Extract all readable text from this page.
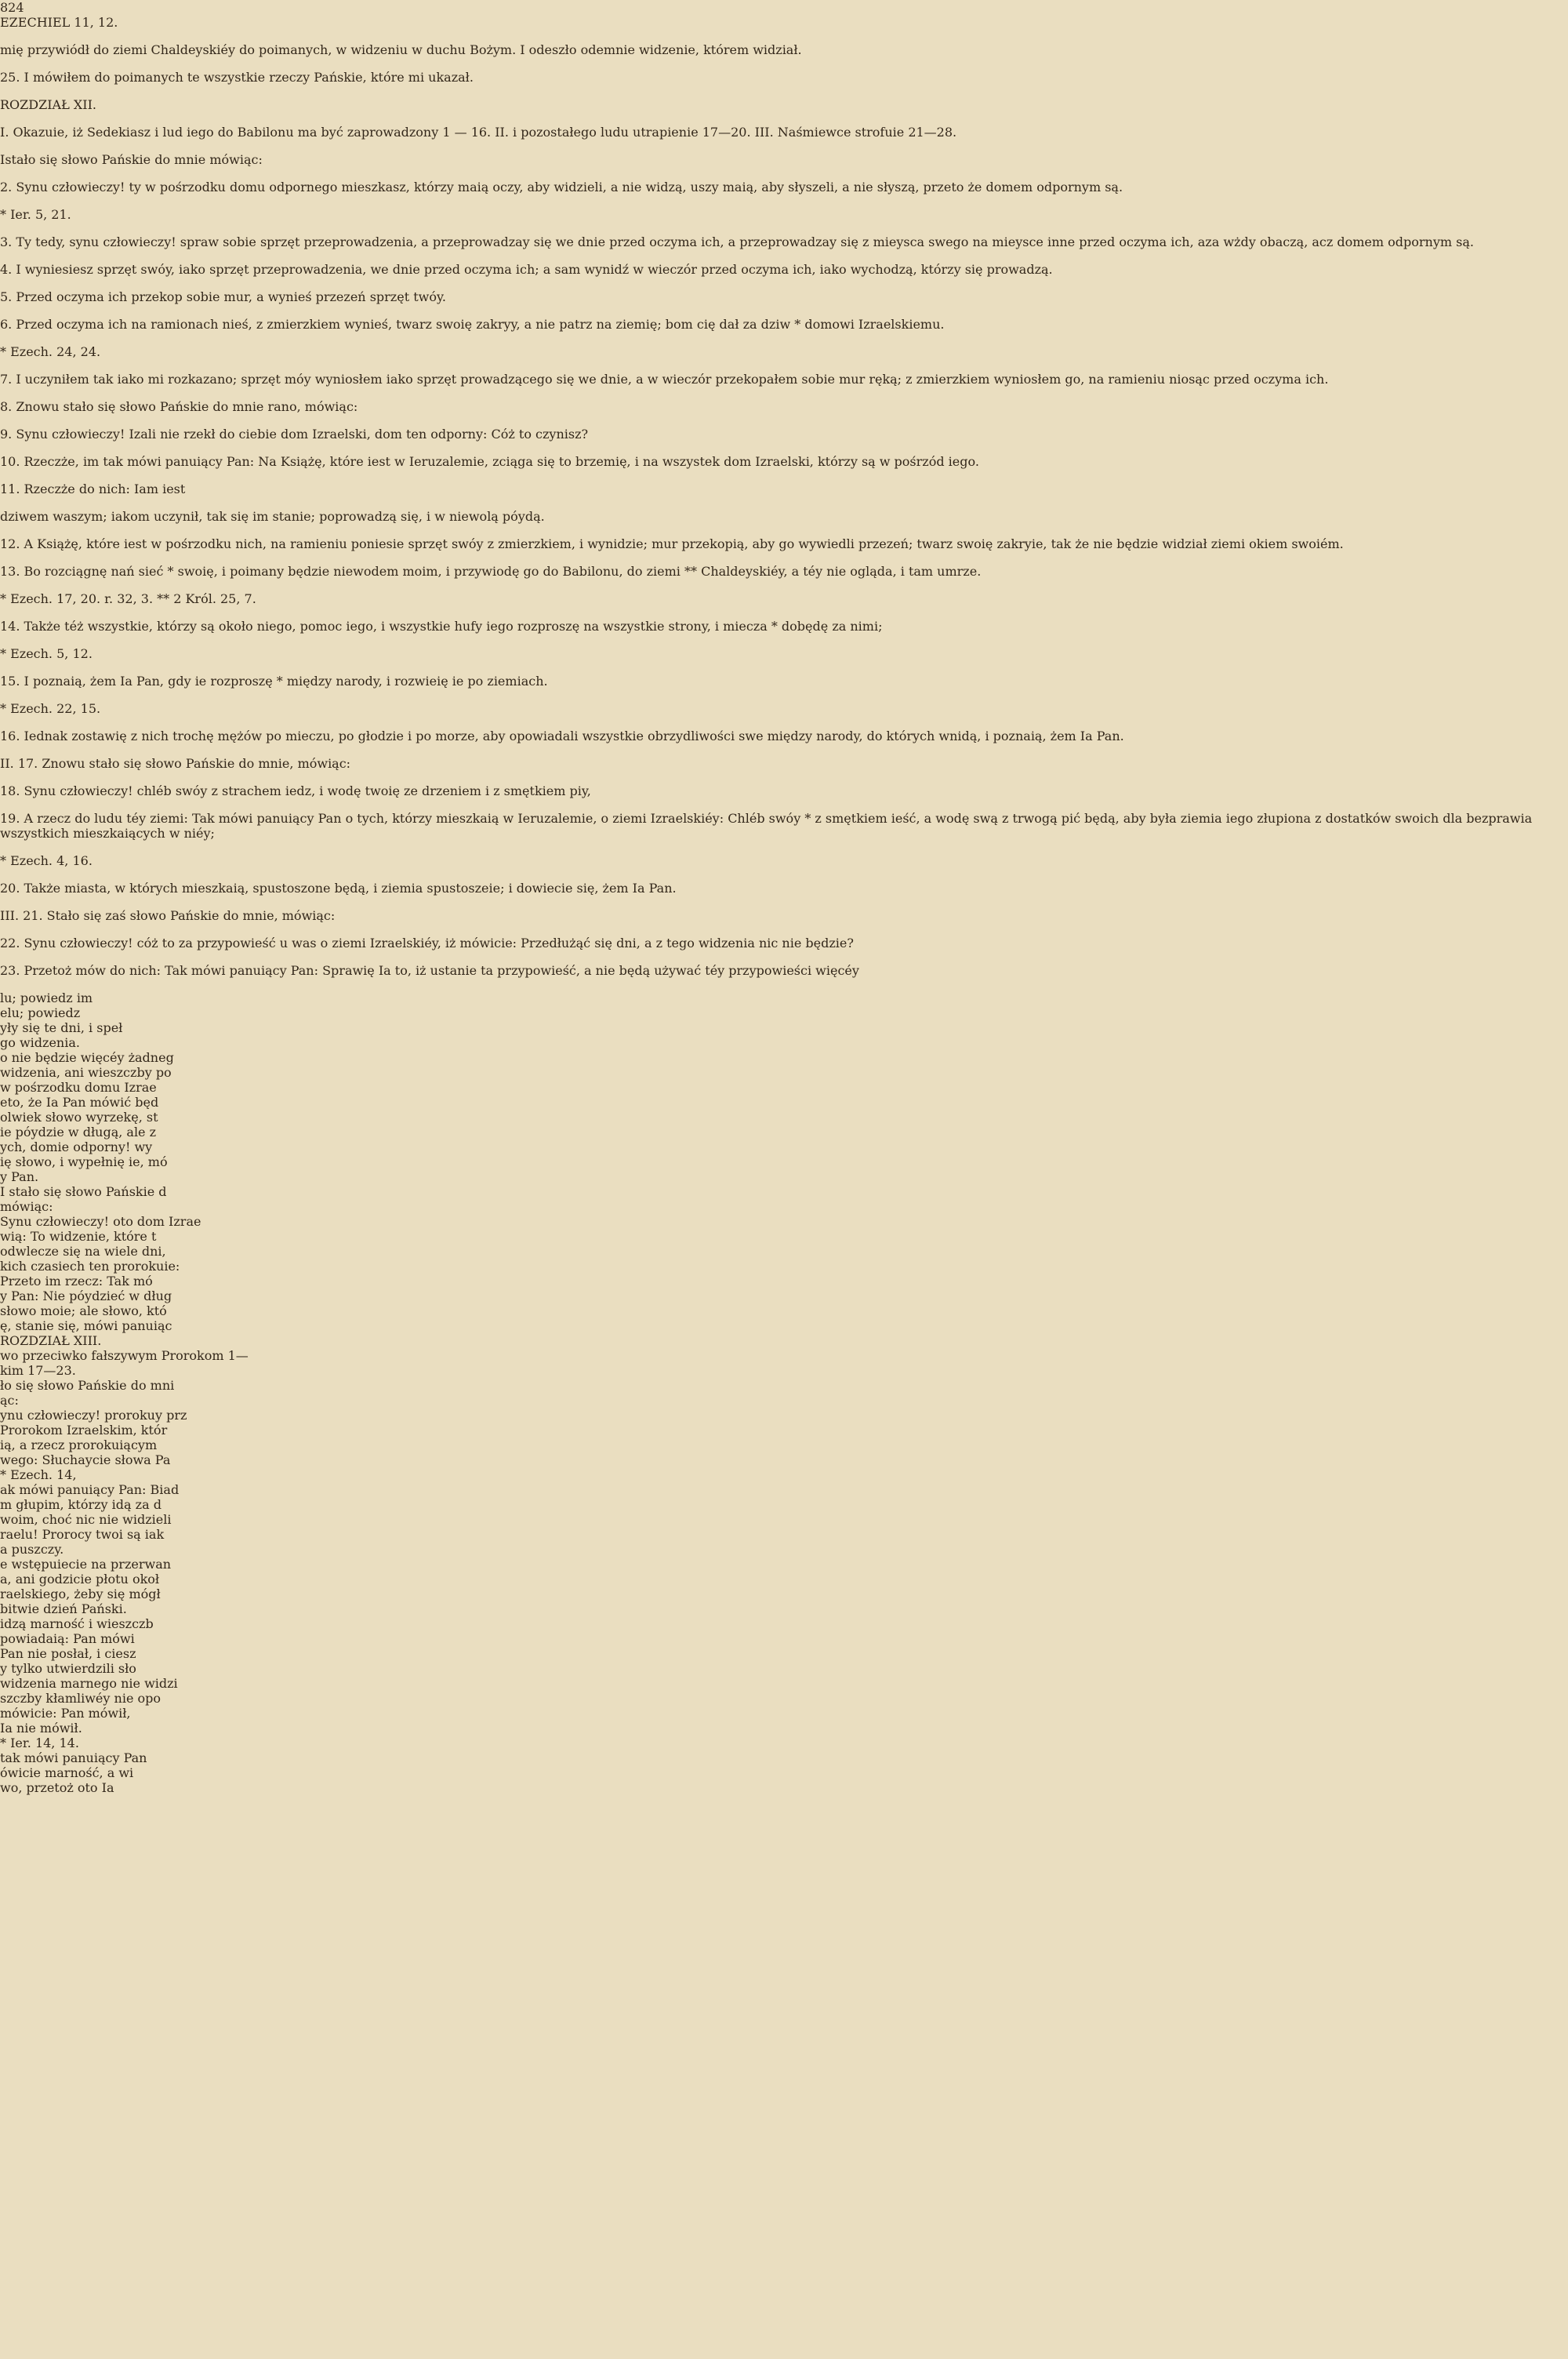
824
EZECHIEL 11, 12.

mię przywiódł do ziemi Chaldeyskiéy do poimanych, w widzeniu w duchu Bożym. I odeszło odemnie widzenie, którem widział.

25. I mówiłem do poimanych te wszystkie rzeczy Pańskie, które mi ukazał.

ROZDZIAŁ XII.

I. Okazuie, iż Sedekiasz i lud iego do Babilonu ma być zaprowadzony 1 — 16. II. i pozostałego ludu utrapienie 17—20. III. Naśmiewce strofuie 21—28.

Istało się słowo Pańskie do mnie mówiąc:

2. Synu człowieczy! ty w pośrzodku domu odpornego mieszkasz, którzy maią oczy, aby widzieli, a nie widzą, uszy maią, aby słyszeli, a nie słyszą, przeto że domem odpornym są.

* Ier. 5, 21.

3. Ty tedy, synu człowieczy! spraw sobie sprzęt przeprowadzenia, a przeprowadzay się we dnie przed oczyma ich, a przeprowadzay się z mieysca swego na mieysce inne przed oczyma ich, aza wżdy obaczą, acz domem odpornym są.

4. I wyniesiesz sprzęt swóy, iako sprzęt przeprowadzenia, we dnie przed oczyma ich; a sam wynidź w wieczór przed oczyma ich, iako wychodzą, którzy się prowadzą.

5. Przed oczyma ich przekop sobie mur, a wynieś przezeń sprzęt twóy.

6. Przed oczyma ich na ramionach nieś, z zmierzkiem wynieś, twarz swoię zakryy, a nie patrz na ziemię; bom cię dał za dziw * domowi Izraelskiemu.

* Ezech. 24, 24.

7. I uczyniłem tak iako mi rozkazano; sprzęt móy wyniosłem iako sprzęt prowadzącego się we dnie, a w wieczór przekopałem sobie mur ręką; z zmierzkiem wyniosłem go, na ramieniu niosąc przed oczyma ich.

8. Znowu stało się słowo Pańskie do mnie rano, mówiąc:

9. Synu człowieczy! Izali nie rzekł do ciebie dom Izraelski, dom ten odporny: Cóż to czynisz?

10. Rzeczże, im tak mówi panuiący Pan: Na Książę, które iest w Ieruzalemie, zciąga się to brzemię, i na wszystek dom Izraelski, którzy są w pośrzód iego.

11. Rzeczże do nich: Iam iest

dziwem waszym; iakom uczynił, tak się im stanie; poprowadzą się, i w niewolą póydą.

12. A Książę, które iest w pośrzodku nich, na ramieniu poniesie sprzęt swóy z zmierzkiem, i wynidzie; mur przekopią, aby go wywiedli przezeń; twarz swoię zakryie, tak że nie będzie widział ziemi okiem swoiém.

13. Bo rozciągnę nań sieć * swoię, i poimany będzie niewodem moim, i przywiodę go do Babilonu, do ziemi ** Chaldeyskiéy, a téy nie ogląda, i tam umrze.

* Ezech. 17, 20. r. 32, 3. ** 2 Król. 25, 7.

14. Także téż wszystkie, którzy są około niego, pomoc iego, i wszystkie hufy iego rozproszę na wszystkie strony, i miecza * dobędę za nimi;

* Ezech. 5, 12.

15. I poznaią, żem Ia Pan, gdy ie rozproszę * między narody, i rozwieię ie po ziemiach.

* Ezech. 22, 15.

16. Iednak zostawię z nich trochę mężów po mieczu, po głodzie i po morze, aby opowiadali wszystkie obrzydliwości swe między narody, do których wnidą, i poznaią, żem Ia Pan.

II. 17. Znowu stało się słowo Pańskie do mnie, mówiąc:

18. Synu człowieczy! chléb swóy z strachem iedz, i wodę twoię ze drzeniem i z smętkiem piy,

19. A rzecz do ludu téy ziemi: Tak mówi panuiący Pan o tych, którzy mieszkaią w Ieruzalemie, o ziemi Izraelskiéy: Chléb swóy * z smętkiem ieść, a wodę swą z trwogą pić będą, aby była ziemia iego złupiona z dostatków swoich dla bezprawia wszystkich mieszkaiących w niéy;

* Ezech. 4, 16.

20. Także miasta, w których mieszkaią, spustoszone będą, i ziemia spustoszeie; i dowiecie się, żem Ia Pan.

III. 21. Stało się zaś słowo Pańskie do mnie, mówiąc:

22. Synu człowieczy! cóż to za przypowieść u was o ziemi Izraelskiéy, iż mówicie: Przedłużąć się dni, a z tego widzenia nic nie będzie?

23. Przetoż mów do nich: Tak mówi panuiący Pan: Sprawię Ia to, iż ustanie ta przypowieść, a nie będą używać téy przypowieści więcéy

lu; powiedz im
elu; powiedz
yły się te dni, i speł
go widzenia.
o nie będzie więcéy żadneg
widzenia, ani wieszczby po
w pośrzodku domu Izrae
eto, że Ia Pan mówić będ
olwiek słowo wyrzekę, st
ie póydzie w długą, ale z
ych, domie odporny! wy
ię słowo, i wypełnię ie, mó
y Pan.
I stało się słowo Pańskie d
mówiąc:
Synu człowieczy! oto dom Izrae
wią: To widzenie, które t
odwlecze się na wiele dni,
kich czasiech ten prorokuie:
Przeto im rzecz: Tak mó
y Pan: Nie póydzieć w dług
słowo moie; ale słowo, któ
ę, stanie się, mówi panuiąc
ROZDZIAŁ XIII.
wo przeciwko fałszywym Prorokom 1—
kim 17—23.
ło się słowo Pańskie do mni
ąc:
ynu człowieczy! prorokuy prz
Prorokom Izraelskim, któr
ią, a rzecz prorokuiącym
wego: Słuchaycie słowa Pa
* Ezech. 14,
ak mówi panuiący Pan: Biad
m głupim, którzy idą za d
woim, choć nic nie widzieli
raelu! Prorocy twoi są iak
a puszczy.
e wstępuiecie na przerwan
a, ani godzicie płotu okoł
raelskiego, żeby się mógł
bitwie dzień Pański.
idzą marność i wieszczb
powiadaią: Pan mówi
Pan nie posłał, i ciesz
y tylko utwierdzili sło
widzenia marnego nie widzi
szczby kłamliwéy nie opo
mówicie: Pan mówił,
Ia nie mówił.
* Ier. 14, 14.
tak mówi panuiący Pan
ówicie marność, a wi
wo, przetoż oto Ia
